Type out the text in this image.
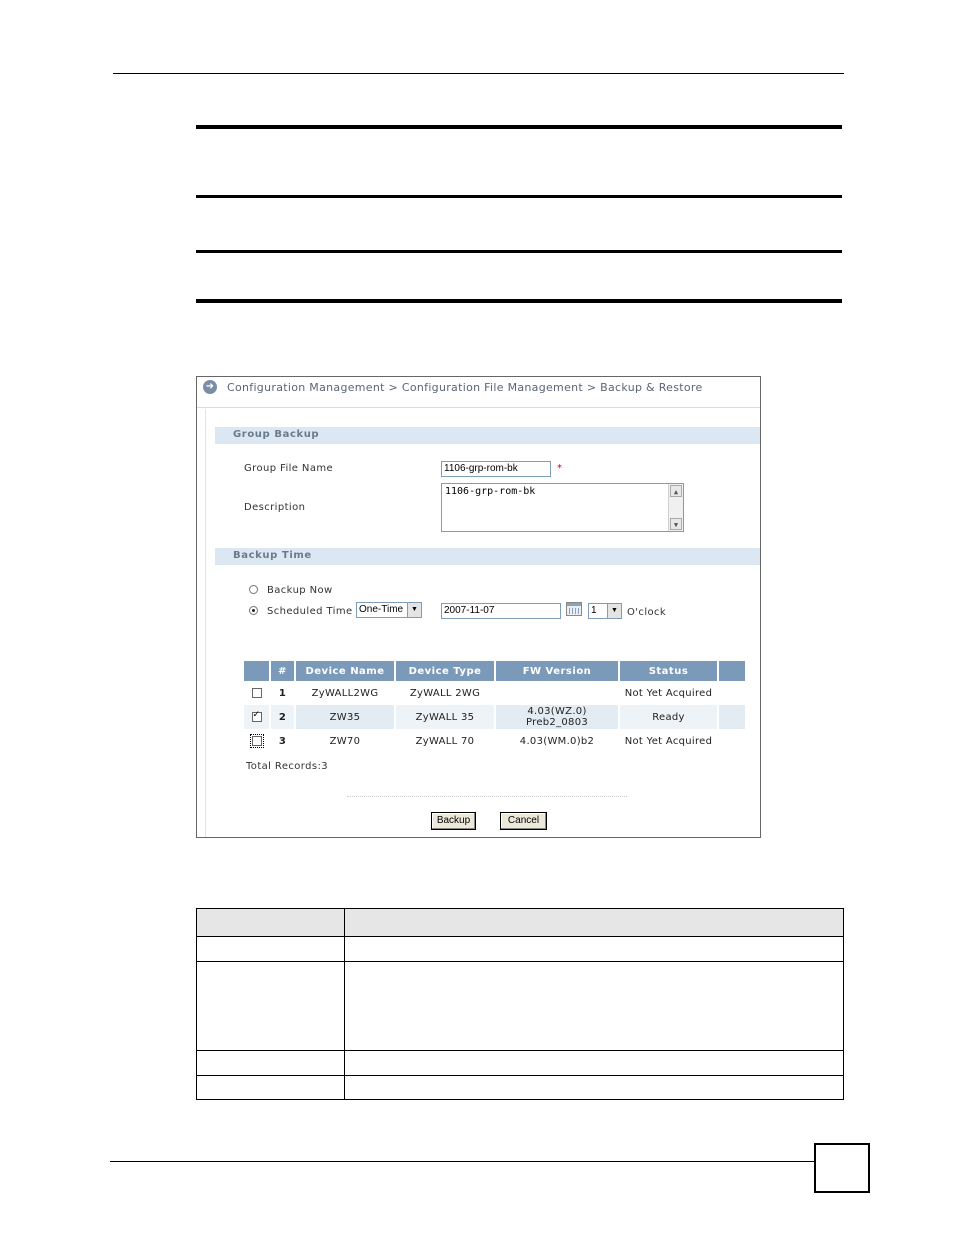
➜ Configuration Management > Configuration File Management > Backup & Restore
Group Backup
Group File Name	1106-grp-rom-bk	*
Description
1106-grp-rom-bk	▲
▼
Backup Time
Backup Now
Scheduled Time One-Time	▼	2007-11-07	1	▼ O'clock
	#	Device Name	Device Type	FW Version	Status	
	1	ZyWALL2WG	ZyWALL 2WG		Not Yet Acquired	
✓	2	ZW35	ZyWALL 35	4.03(WZ.0)
Preb2_0803	Ready	
	3	ZW70	ZyWALL 70	4.03(WM.0)b2	Not Yet Acquired	
Total Records:3
Backup	Cancel
